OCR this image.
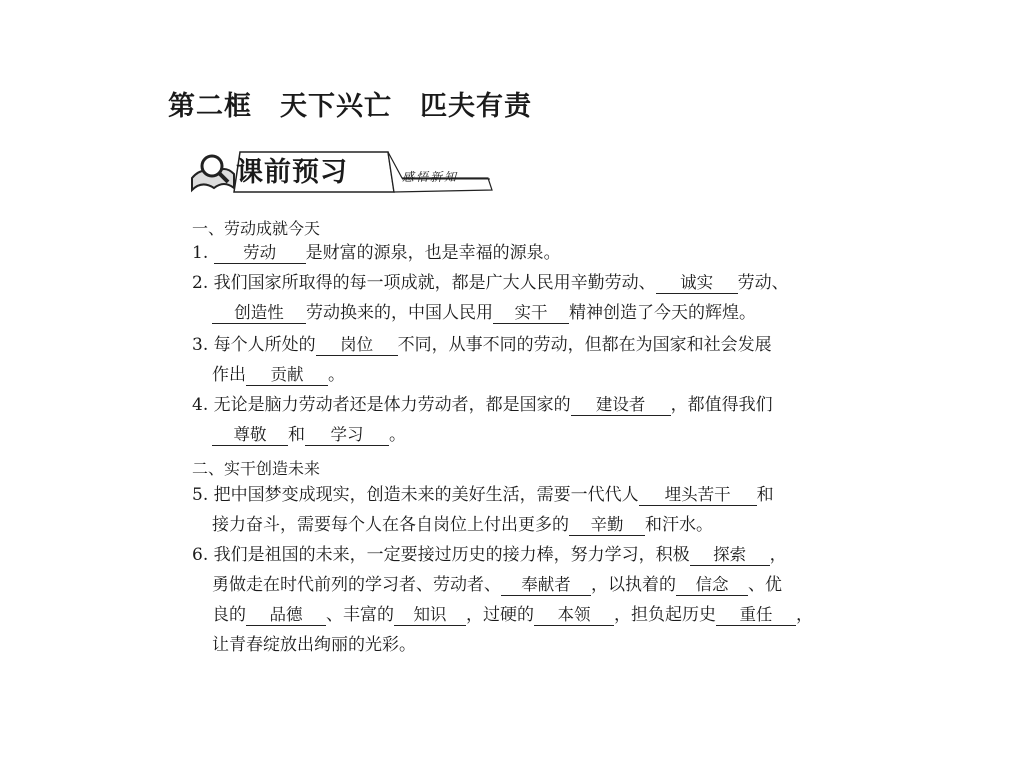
第二框　天下兴亡　匹夫有责
课前预习	感悟新知
一、劳动成就今天
1. 劳动 是财富的源泉，也是幸福的源泉。
2. 我们国家所取得的每一项成就，都是广大人民用辛勤劳动、 诚实 劳动、
创造性 劳动换来的，中国人民用 实干 精神创造了今天的辉煌。
3. 每个人所处的 岗位 不同，从事不同的劳动，但都在为国家和社会发展
作出 贡献 。
4. 无论是脑力劳动者还是体力劳动者，都是国家的 建设者 ，都值得我们
尊敬 和 学习 。
二、实干创造未来
5. 把中国梦变成现实，创造未来的美好生活，需要一代代人 埋头苦干 和
接力奋斗，需要每个人在各自岗位上付出更多的 辛勤 和汗水。
6. 我们是祖国的未来，一定要接过历史的接力棒，努力学习，积极 探索 ，
勇做走在时代前列的学习者、劳动者、 奉献者 ，以执着的 信念 、优
良的 品德 、丰富的 知识 ，过硬的 本领 ，担负起历史 重任 ，
让青春绽放出绚丽的光彩。
